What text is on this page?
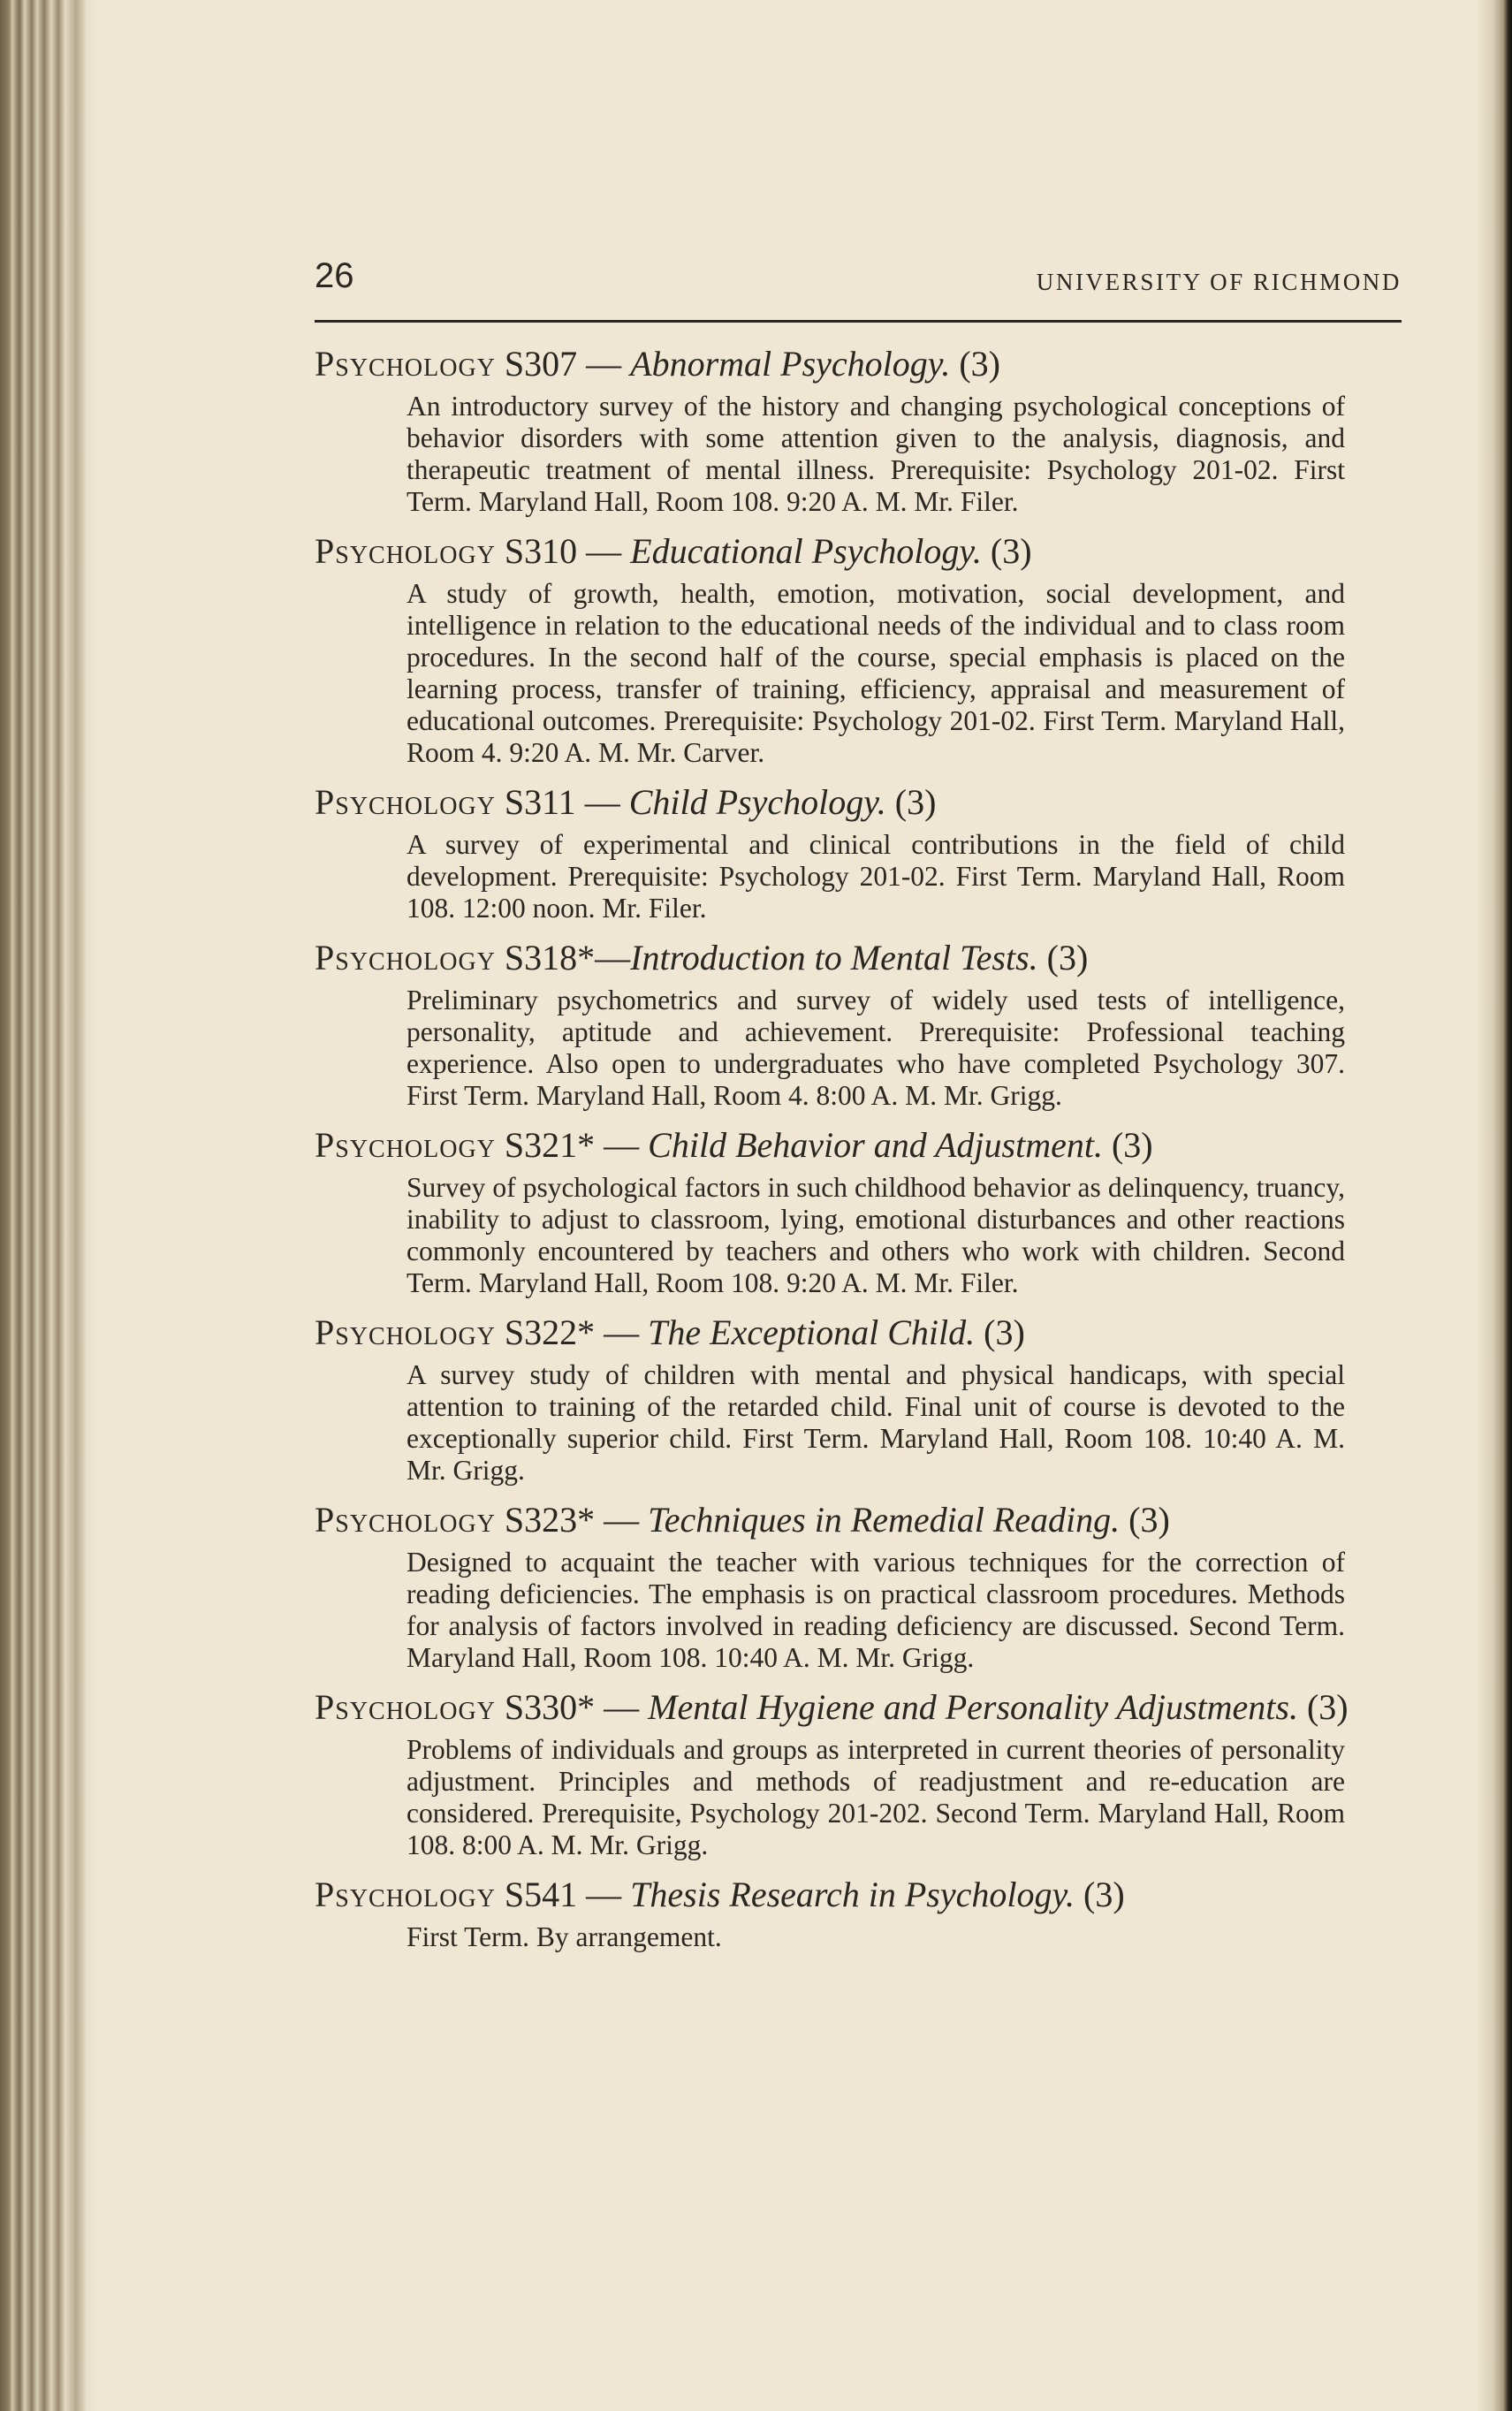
26	UNIVERSITY OF RICHMOND

Psychology S307 — Abnormal Psychology. (3)

An introductory survey of the history and changing psychological conceptions of behavior disorders with some attention given to the analysis, diagnosis, and therapeutic treatment of mental illness. Prerequisite: Psychology 201-02. First Term. Maryland Hall, Room 108. 9:20 A. M. Mr. Filer.

Psychology S310 — Educational Psychology. (3)

A study of growth, health, emotion, motivation, social development, and intelligence in relation to the educational needs of the individual and to class room procedures. In the second half of the course, special emphasis is placed on the learning process, transfer of training, efficiency, appraisal and measurement of educational outcomes. Prerequisite: Psychology 201-02. First Term. Maryland Hall, Room 4. 9:20 A. M. Mr. Carver.

Psychology S311 — Child Psychology. (3)

A survey of experimental and clinical contributions in the field of child development. Prerequisite: Psychology 201-02. First Term. Maryland Hall, Room 108. 12:00 noon. Mr. Filer.

Psychology S318*—Introduction to Mental Tests. (3)

Preliminary psychometrics and survey of widely used tests of intelligence, personality, aptitude and achievement. Prerequisite: Professional teaching experience. Also open to undergraduates who have completed Psychology 307. First Term. Maryland Hall, Room 4. 8:00 A. M. Mr. Grigg.

Psychology S321* — Child Behavior and Adjustment. (3)

Survey of psychological factors in such childhood behavior as delinquency, truancy, inability to adjust to classroom, lying, emotional disturbances and other reactions commonly encountered by teachers and others who work with children. Second Term. Maryland Hall, Room 108. 9:20 A. M. Mr. Filer.

Psychology S322* — The Exceptional Child. (3)

A survey study of children with mental and physical handicaps, with special attention to training of the retarded child. Final unit of course is devoted to the exceptionally superior child. First Term. Maryland Hall, Room 108. 10:40 A. M. Mr. Grigg.

Psychology S323* — Techniques in Remedial Reading. (3)

Designed to acquaint the teacher with various techniques for the correction of reading deficiencies. The emphasis is on practical classroom procedures. Methods for analysis of factors involved in reading deficiency are discussed. Second Term. Maryland Hall, Room 108. 10:40 A. M. Mr. Grigg.

Psychology S330* — Mental Hygiene and Personality Adjustments. (3)

Problems of individuals and groups as interpreted in current theories of personality adjustment. Principles and methods of readjustment and re-education are considered. Prerequisite, Psychology 201-202. Second Term. Maryland Hall, Room 108. 8:00 A. M. Mr. Grigg.

Psychology S541 — Thesis Research in Psychology. (3)

First Term. By arrangement.
